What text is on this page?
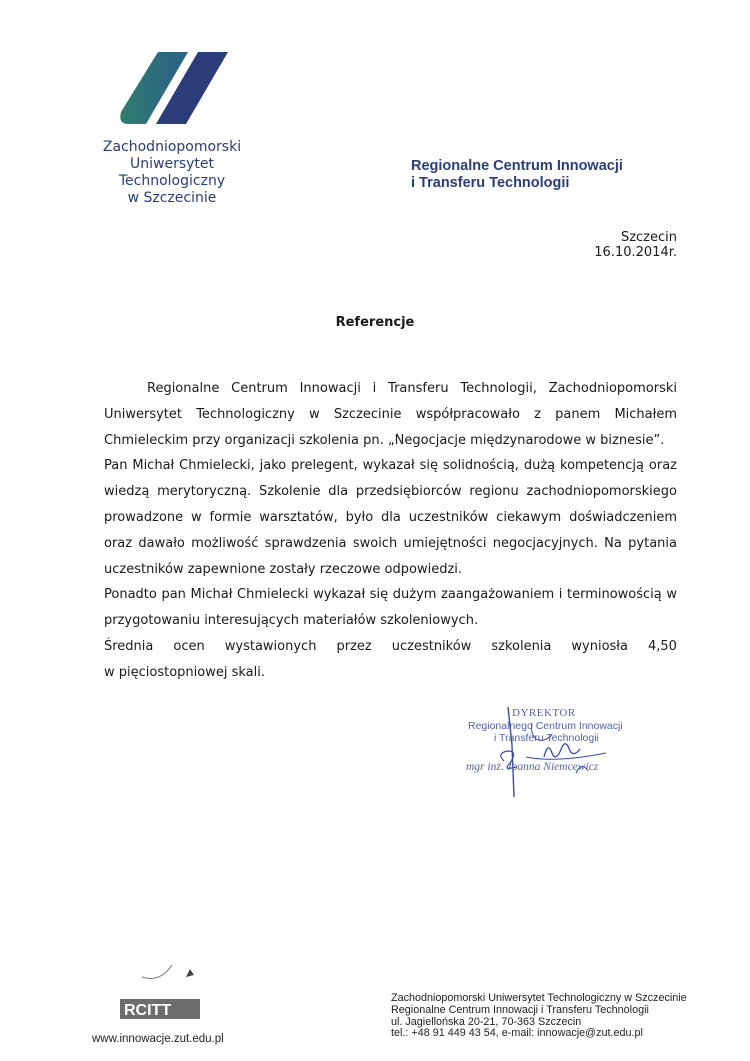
Zachodniopomorski
Uniwersytet Technologiczny
w Szczecinie
Regionalne Centrum Innowacji
i Transferu Technologii
Szczecin 16.10.2014r.
Referencje

Regionalne Centrum Innowacji i Transferu Technologii, Zachodniopomorski Uniwersytet Technologiczny w Szczecinie współpracowało z panem Michałem Chmieleckim przy organizacji szkolenia pn. „Negocjacje międzynarodowe w biznesie”.

Pan Michał Chmielecki, jako prelegent, wykazał się solidnością, dużą kompetencją oraz wiedzą merytoryczną. Szkolenie dla przedsiębiorców regionu zachodniopomorskiego prowadzone w formie warsztatów, było dla uczestników ciekawym doświadczeniem oraz dawało możliwość sprawdzenia swoich umiejętności negocjacyjnych. Na pytania uczestników zapewnione zostały rzeczowe odpowiedzi.

Ponadto pan Michał Chmielecki wykazał się dużym zaangażowaniem i terminowością w przygotowaniu interesujących materiałów szkoleniowych.

Średnia ocen wystawionych przez uczestników szkolenia wyniosła 4,50

w pięciostopniowej skali.

DYREKTOR
Regionalnego Centrum Innowacji
i Transferu Technologii
mgr inż. Joanna Niemcewicz
RCITT
www.innowacje.zut.edu.pl
Zachodniopomorski Uniwersytet Technologiczny w Szczecinie
Regionalne Centrum Innowacji i Transferu Technologii
ul. Jagiellońska 20-21, 70-363 Szczecin
tel.: +48 91 449 43 54, e-mail: innowacje@zut.edu.pl
